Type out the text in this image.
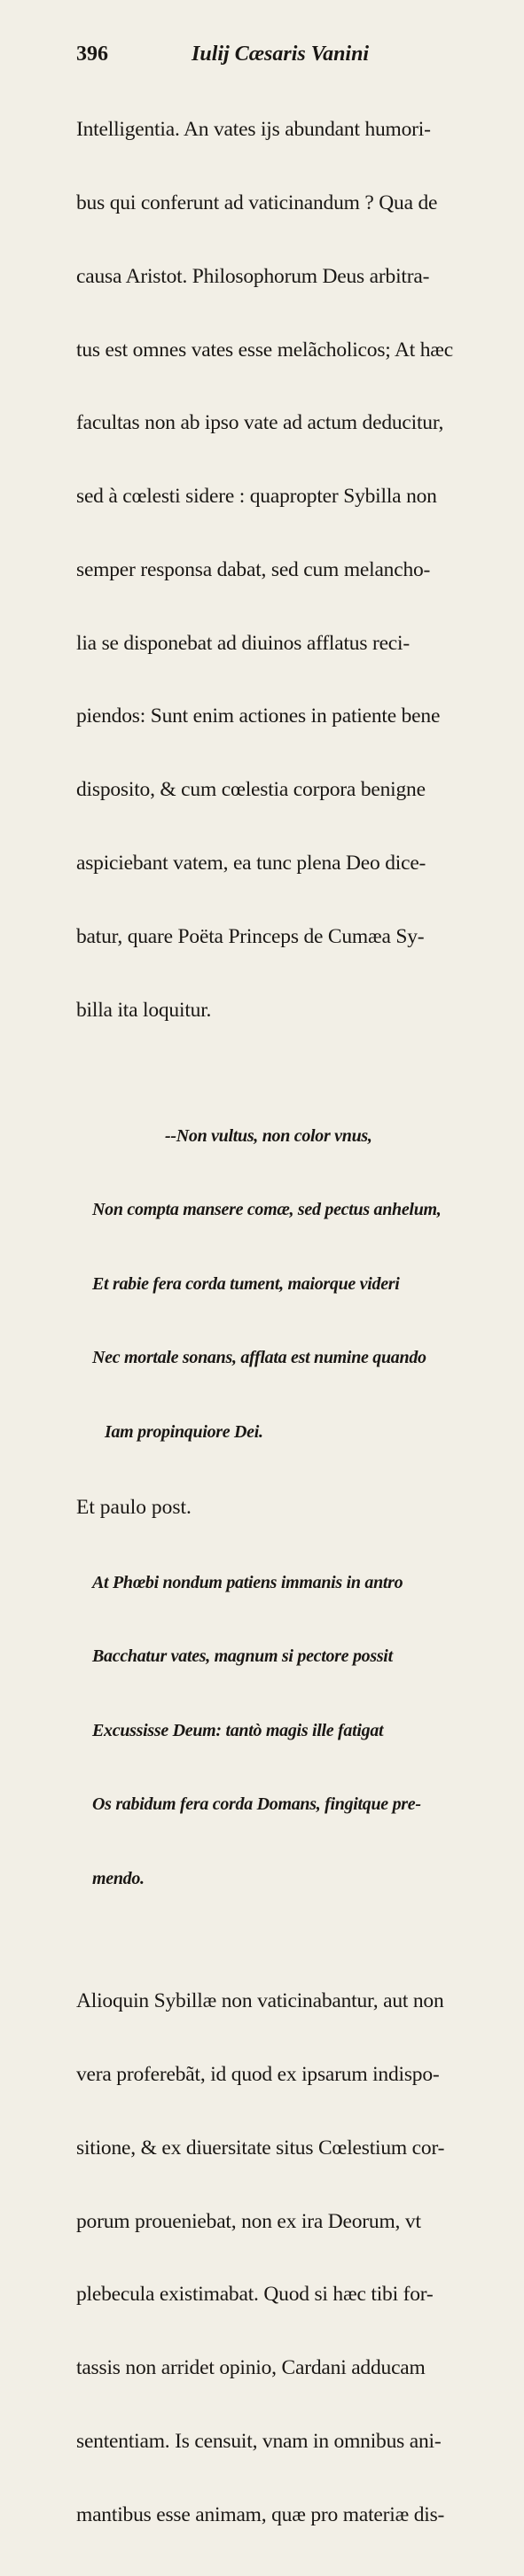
396	Iulij Cæsaris Vanini

Intelligentia. An vates ijs abundant humori-

bus qui conferunt ad vaticinandum ? Qua de

causa Aristot. Philosophorum Deus arbitra-

tus est omnes vates esse melãcholicos; At hæc

facultas non ab ipso vate ad actum deducitur,

sed à cœlesti sidere : quapropter Sybilla non

semper responsa dabat, sed cum melancho-

lia se disponebat ad diuinos afflatus reci-

piendos: Sunt enim actiones in patiente bene

disposito, & cum cœlestia corpora benigne

aspiciebant vatem, ea tunc plena Deo dice-

batur, quare Poëta Princeps de Cumæa Sy-

billa ita loquitur.

--Non vultus, non color vnus,

Non compta mansere comæ, sed pectus anhelum,

Et rabie fera corda tument, maiorque videri

Nec mortale sonans, afflata est numine quando

Iam propinquiore Dei.

Et paulo post.

At Phœbi nondum patiens immanis in antro

Bacchatur vates, magnum si pectore possit

Excussisse Deum: tantò magis ille fatigat

Os rabidum fera corda Domans, fingitque pre-

mendo.

Alioquin Sybillæ non vaticinabantur, aut non

vera proferebãt, id quod ex ipsarum indispo-

sitione, & ex diuersitate situs Cœlestium cor-

porum proueniebat, non ex ira Deorum, vt

plebecula existimabat. Quod si hæc tibi for-

tassis non arridet opinio, Cardani adducam

sententiam. Is censuit, vnam in omnibus ani-

mantibus esse animam, quæ pro materiæ dis-
